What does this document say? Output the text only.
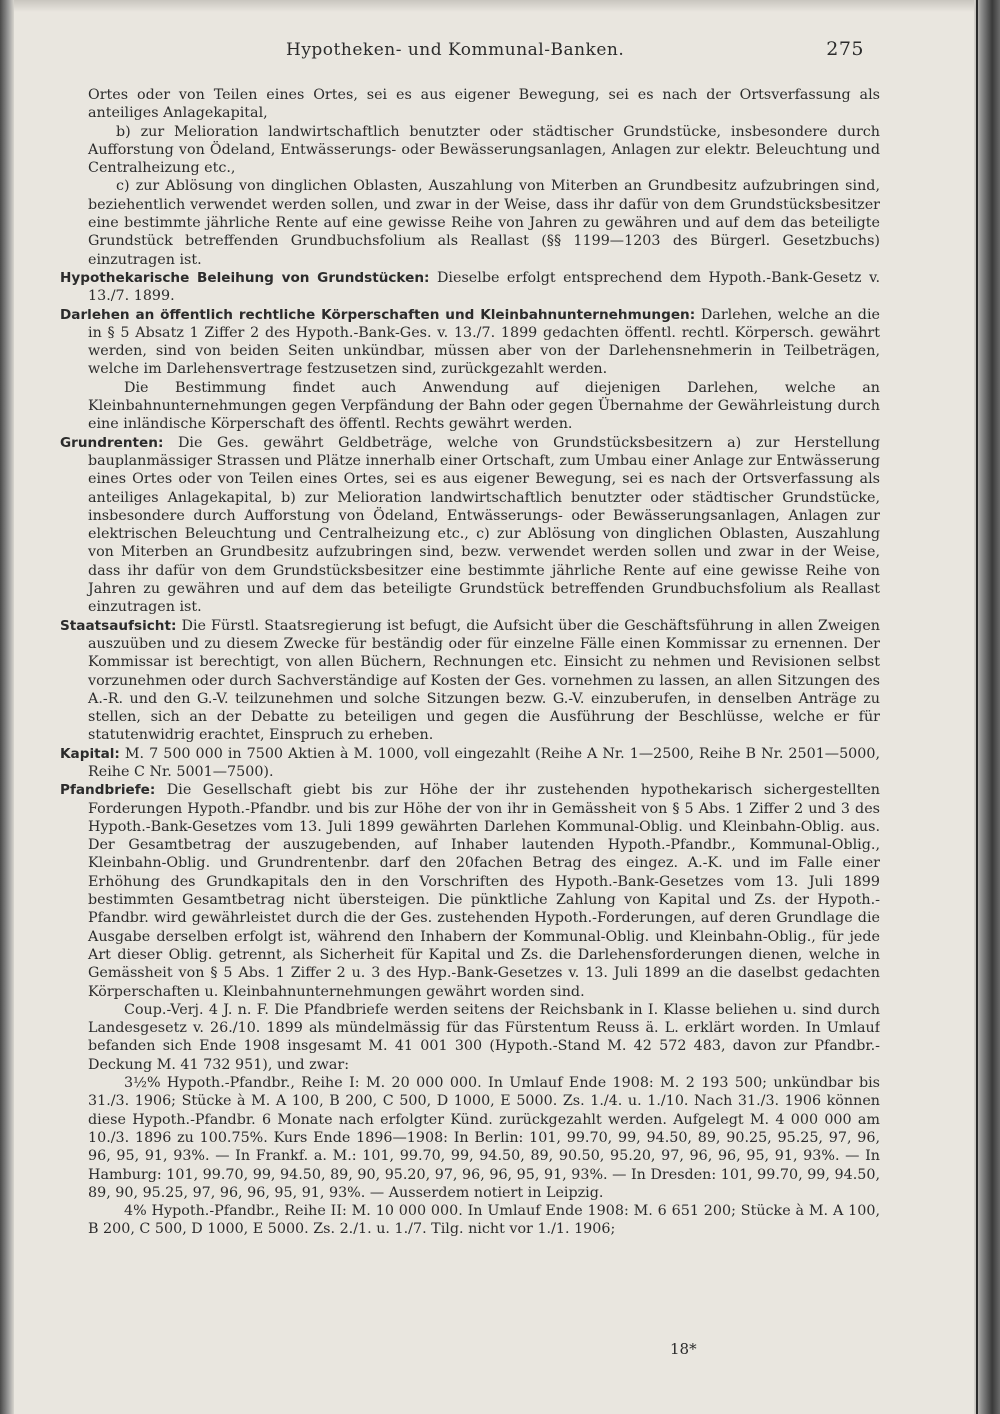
Hypotheken- und Kommunal-Banken.	275

Ortes oder von Teilen eines Ortes, sei es aus eigener Bewegung, sei es nach der Ortsverfassung als anteiliges Anlagekapital,

b) zur Melioration landwirtschaftlich benutzter oder städtischer Grundstücke, insbesondere durch Aufforstung von Ödeland, Entwässerungs- oder Bewässerungsanlagen, Anlagen zur elektr. Beleuchtung und Centralheizung etc.,

c) zur Ablösung von dinglichen Oblasten, Auszahlung von Miterben an Grundbesitz aufzubringen sind, beziehentlich verwendet werden sollen, und zwar in der Weise, dass ihr dafür von dem Grundstücksbesitzer eine bestimmte jährliche Rente auf eine gewisse Reihe von Jahren zu gewähren und auf dem das beteiligte Grundstück betreffenden Grundbuchsfolium als Reallast (§§ 1199—1203 des Bürgerl. Gesetzbuchs) einzutragen ist.

Hypothekarische Beleihung von Grundstücken: Dieselbe erfolgt entsprechend dem Hypoth.-Bank-Gesetz v. 13./7. 1899.

Darlehen an öffentlich rechtliche Körperschaften und Kleinbahnunternehmungen: Darlehen, welche an die in § 5 Absatz 1 Ziffer 2 des Hypoth.-Bank-Ges. v. 13./7. 1899 gedachten öffentl. rechtl. Körpersch. gewährt werden, sind von beiden Seiten unkündbar, müssen aber von der Darlehensnehmerin in Teilbeträgen, welche im Darlehensvertrage festzusetzen sind, zurückgezahlt werden.

Die Bestimmung findet auch Anwendung auf diejenigen Darlehen, welche an Kleinbahnunternehmungen gegen Verpfändung der Bahn oder gegen Übernahme der Gewährleistung durch eine inländische Körperschaft des öffentl. Rechts gewährt werden.

Grundrenten: Die Ges. gewährt Geldbeträge, welche von Grundstücksbesitzern a) zur Herstellung bauplanmässiger Strassen und Plätze innerhalb einer Ortschaft, zum Umbau einer Anlage zur Entwässerung eines Ortes oder von Teilen eines Ortes, sei es aus eigener Bewegung, sei es nach der Ortsverfassung als anteiliges Anlagekapital, b) zur Melioration landwirtschaftlich benutzter oder städtischer Grundstücke, insbesondere durch Aufforstung von Ödeland, Entwässerungs- oder Bewässerungsanlagen, Anlagen zur elektrischen Beleuchtung und Centralheizung etc., c) zur Ablösung von dinglichen Oblasten, Auszahlung von Miterben an Grundbesitz aufzubringen sind, bezw. verwendet werden sollen und zwar in der Weise, dass ihr dafür von dem Grundstücksbesitzer eine bestimmte jährliche Rente auf eine gewisse Reihe von Jahren zu gewähren und auf dem das beteiligte Grundstück betreffenden Grundbuchsfolium als Reallast einzutragen ist.

Staatsaufsicht: Die Fürstl. Staatsregierung ist befugt, die Aufsicht über die Geschäftsführung in allen Zweigen auszuüben und zu diesem Zwecke für beständig oder für einzelne Fälle einen Kommissar zu ernennen. Der Kommissar ist berechtigt, von allen Büchern, Rechnungen etc. Einsicht zu nehmen und Revisionen selbst vorzunehmen oder durch Sachverständige auf Kosten der Ges. vornehmen zu lassen, an allen Sitzungen des A.-R. und den G.-V. teilzunehmen und solche Sitzungen bezw. G.-V. einzuberufen, in denselben Anträge zu stellen, sich an der Debatte zu beteiligen und gegen die Ausführung der Beschlüsse, welche er für statutenwidrig erachtet, Einspruch zu erheben.

Kapital: M. 7 500 000 in 7500 Aktien à M. 1000, voll eingezahlt (Reihe A Nr. 1—2500, Reihe B Nr. 2501—5000, Reihe C Nr. 5001—7500).

Pfandbriefe: Die Gesellschaft giebt bis zur Höhe der ihr zustehenden hypothekarisch sichergestellten Forderungen Hypoth.-Pfandbr. und bis zur Höhe der von ihr in Gemässheit von § 5 Abs. 1 Ziffer 2 und 3 des Hypoth.-Bank-Gesetzes vom 13. Juli 1899 gewährten Darlehen Kommunal-Oblig. und Kleinbahn-Oblig. aus. Der Gesamtbetrag der auszugebenden, auf Inhaber lautenden Hypoth.-Pfandbr., Kommunal-Oblig., Kleinbahn-Oblig. und Grundrentenbr. darf den 20fachen Betrag des eingez. A.-K. und im Falle einer Erhöhung des Grundkapitals den in den Vorschriften des Hypoth.-Bank-Gesetzes vom 13. Juli 1899 bestimmten Gesamtbetrag nicht übersteigen. Die pünktliche Zahlung von Kapital und Zs. der Hypoth.-Pfandbr. wird gewährleistet durch die der Ges. zustehenden Hypoth.-Forderungen, auf deren Grundlage die Ausgabe derselben erfolgt ist, während den Inhabern der Kommunal-Oblig. und Kleinbahn-Oblig., für jede Art dieser Oblig. getrennt, als Sicherheit für Kapital und Zs. die Darlehensforderungen dienen, welche in Gemässheit von § 5 Abs. 1 Ziffer 2 u. 3 des Hyp.-Bank-Gesetzes v. 13. Juli 1899 an die daselbst gedachten Körperschaften u. Kleinbahnunternehmungen gewährt worden sind.

Coup.-Verj. 4 J. n. F. Die Pfandbriefe werden seitens der Reichsbank in I. Klasse beliehen u. sind durch Landesgesetz v. 26./10. 1899 als mündelmässig für das Fürstentum Reuss ä. L. erklärt worden. In Umlauf befanden sich Ende 1908 insgesamt M. 41 001 300 (Hypoth.-Stand M. 42 572 483, davon zur Pfandbr.-Deckung M. 41 732 951), und zwar:

3½% Hypoth.-Pfandbr., Reihe I: M. 20 000 000. In Umlauf Ende 1908: M. 2 193 500; unkündbar bis 31./3. 1906; Stücke à M. A 100, B 200, C 500, D 1000, E 5000. Zs. 1./4. u. 1./10. Nach 31./3. 1906 können diese Hypoth.-Pfandbr. 6 Monate nach erfolgter Künd. zurückgezahlt werden. Aufgelegt M. 4 000 000 am 10./3. 1896 zu 100.75%. Kurs Ende 1896—1908: In Berlin: 101, 99.70, 99, 94.50, 89, 90.25, 95.25, 97, 96, 96, 95, 91, 93%. — In Frankf. a. M.: 101, 99.70, 99, 94.50, 89, 90.50, 95.20, 97, 96, 96, 95, 91, 93%. — In Hamburg: 101, 99.70, 99, 94.50, 89, 90, 95.20, 97, 96, 96, 95, 91, 93%. — In Dresden: 101, 99.70, 99, 94.50, 89, 90, 95.25, 97, 96, 96, 95, 91, 93%. — Ausserdem notiert in Leipzig.

4% Hypoth.-Pfandbr., Reihe II: M. 10 000 000. In Umlauf Ende 1908: M. 6 651 200; Stücke à M. A 100, B 200, C 500, D 1000, E 5000. Zs. 2./1. u. 1./7. Tilg. nicht vor 1./1. 1906;

18*
